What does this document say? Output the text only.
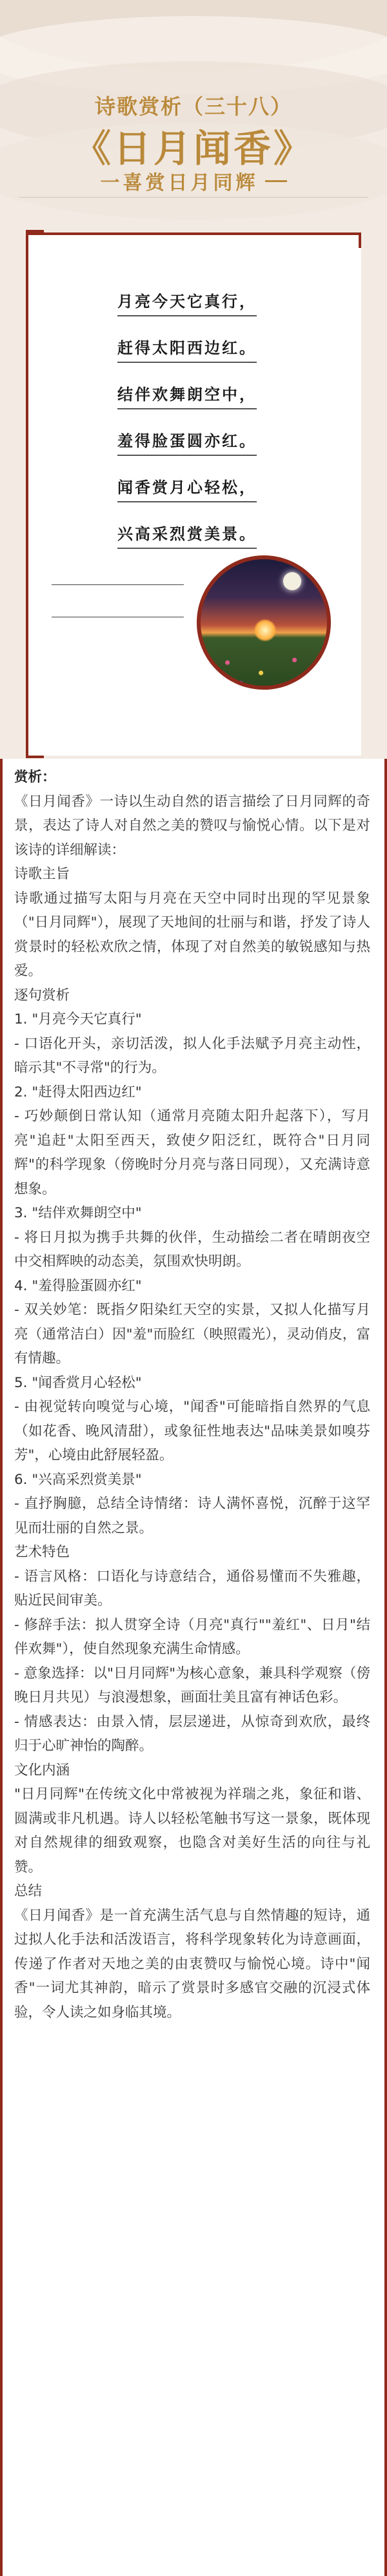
诗歌赏析（三十八）
《日月闻香》
一喜赏日月同辉
月亮今天它真行，
赶得太阳西边红。
结伴欢舞朗空中，
羞得脸蛋圆亦红。
闻香赏月心轻松，
兴高采烈赏美景。

赏析：

《日月闻香》一诗以生动自然的语言描绘了日月同辉的奇景，表达了诗人对自然之美的赞叹与愉悦心情。以下是对该诗的详细解读：

诗歌主旨

诗歌通过描写太阳与月亮在天空中同时出现的罕见景象（"日月同辉"），展现了天地间的壮丽与和谐，抒发了诗人赏景时的轻松欢欣之情，体现了对自然美的敏锐感知与热爱。

逐句赏析

1. "月亮今天它真行"

- 口语化开头，亲切活泼，拟人化手法赋予月亮主动性，暗示其"不寻常"的行为。

2. "赶得太阳西边红"

- 巧妙颠倒日常认知（通常月亮随太阳升起落下），写月亮"追赶"太阳至西天，致使夕阳泛红，既符合"日月同辉"的科学现象（傍晚时分月亮与落日同现），又充满诗意想象。

3. "结伴欢舞朗空中"

- 将日月拟为携手共舞的伙伴，生动描绘二者在晴朗夜空中交相辉映的动态美，氛围欢快明朗。

4. "羞得脸蛋圆亦红"

- 双关妙笔：既指夕阳染红天空的实景，又拟人化描写月亮（通常洁白）因"羞"而脸红（映照霞光），灵动俏皮，富有情趣。

5. "闻香赏月心轻松"

- 由视觉转向嗅觉与心境，"闻香"可能暗指自然界的气息（如花香、晚风清甜），或象征性地表达"品味美景如嗅芬芳"，心境由此舒展轻盈。

6. "兴高采烈赏美景"

- 直抒胸臆，总结全诗情绪：诗人满怀喜悦，沉醉于这罕见而壮丽的自然之景。

艺术特色

- 语言风格：口语化与诗意结合，通俗易懂而不失雅趣，贴近民间审美。

- 修辞手法：拟人贯穿全诗（月亮"真行""羞红"、日月"结伴欢舞"），使自然现象充满生命情感。

- 意象选择：以"日月同辉"为核心意象，兼具科学观察（傍晚日月共见）与浪漫想象，画面壮美且富有神话色彩。

- 情感表达：由景入情，层层递进，从惊奇到欢欣，最终归于心旷神怡的陶醉。

文化内涵

"日月同辉"在传统文化中常被视为祥瑞之兆，象征和谐、圆满或非凡机遇。诗人以轻松笔触书写这一景象，既体现对自然规律的细致观察，也隐含对美好生活的向往与礼赞。

总结

《日月闻香》是一首充满生活气息与自然情趣的短诗，通过拟人化手法和活泼语言，将科学现象转化为诗意画面，传递了作者对天地之美的由衷赞叹与愉悦心境。诗中"闻香"一词尤其神韵，暗示了赏景时多感官交融的沉浸式体验，令人读之如身临其境。
